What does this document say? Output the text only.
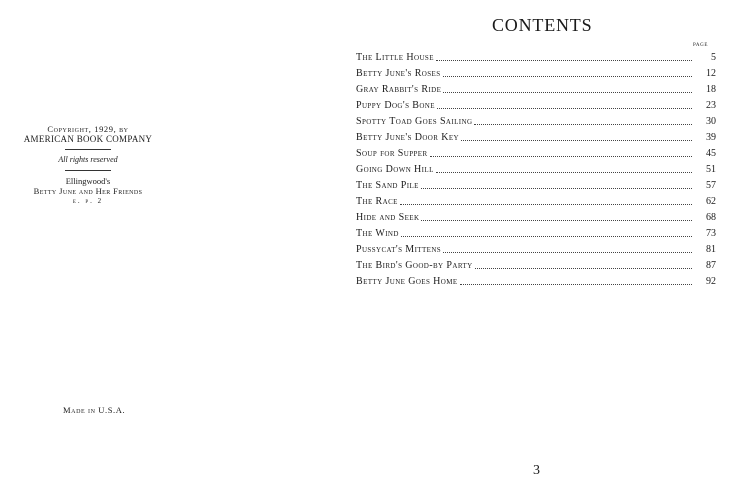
Copyright, 1929, by
AMERICAN BOOK COMPANY
All rights reserved
Ellingwood's
Betty June and Her Friends
e. p. 2
Made in U.S.A.
CONTENTS
page
The Little House	5
Betty June's Roses	12
Gray Rabbit's Ride	18
Puppy Dog's Bone	23
Spotty Toad Goes Sailing	30
Betty June's Door Key	39
Soup for Supper	45
Going Down Hill	51
The Sand Pile	57
The Race	62
Hide and Seek	68
The Wind	73
Pussycat's Mittens	81
The Bird's Good-by Party	87
Betty June Goes Home	92
3
